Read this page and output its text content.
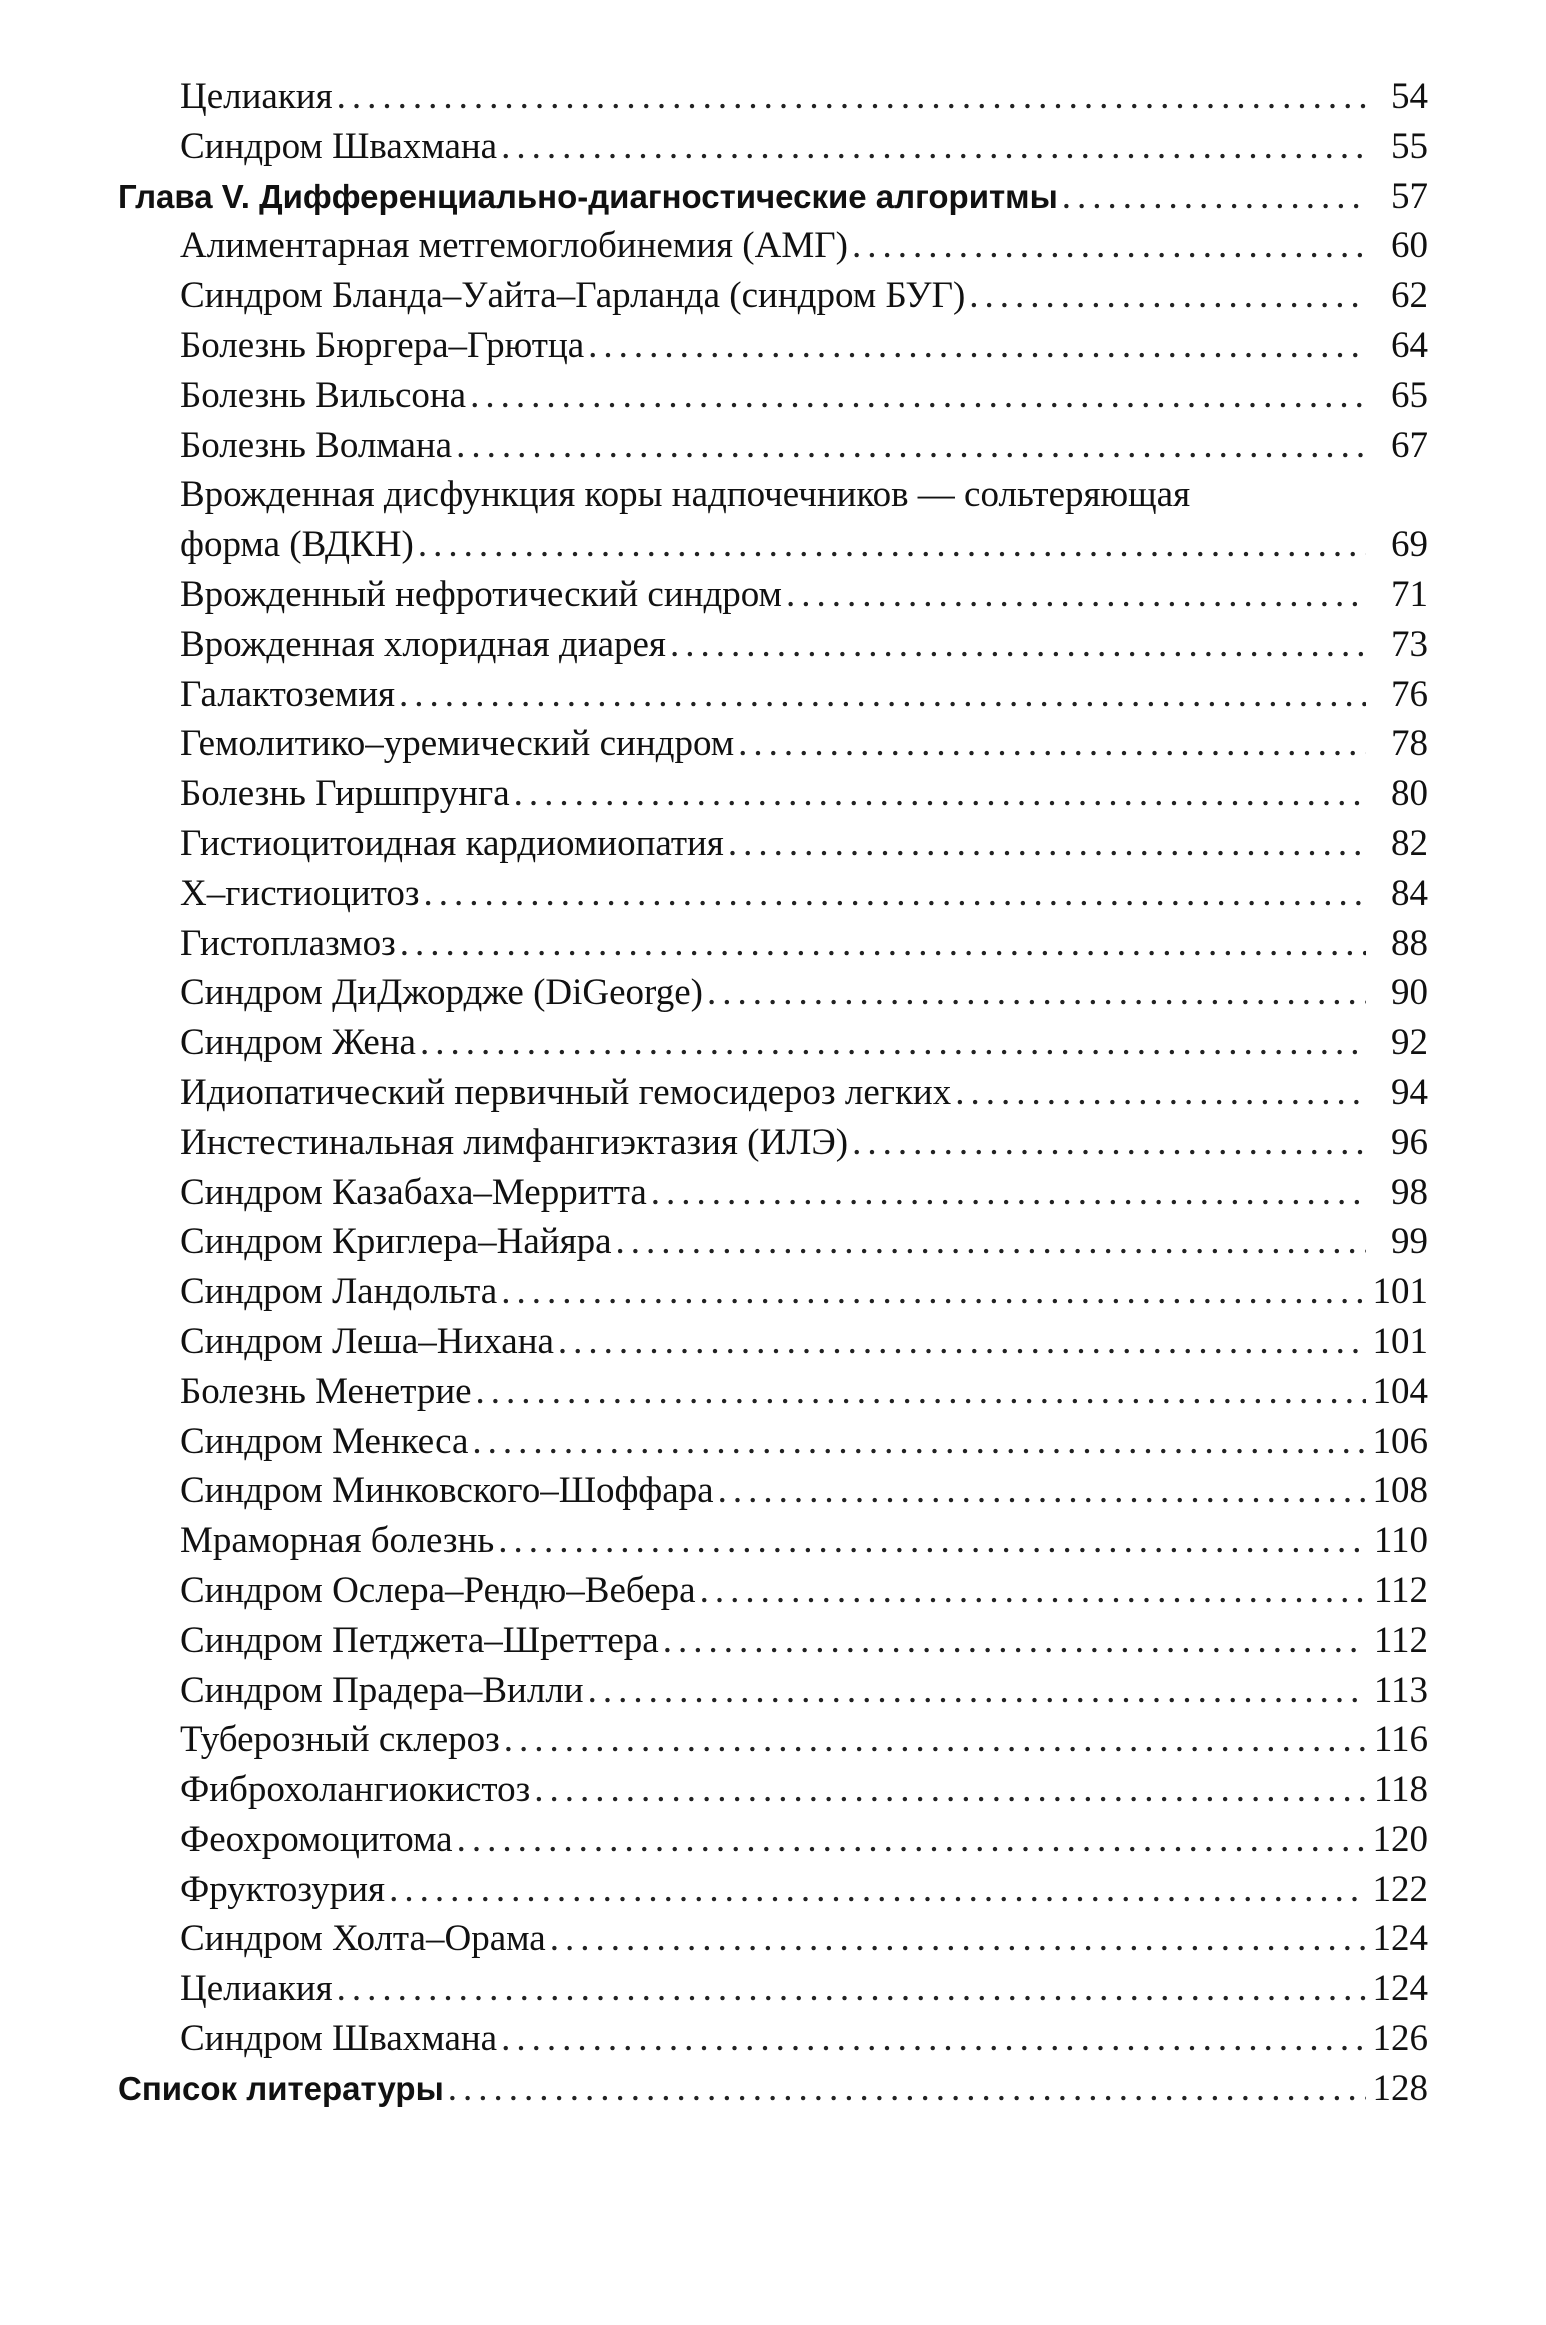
Целиакия .....	54
Синдром Швахмана .....	55
Глава V. Дифференциально-диагностические алгоритмы .....	57
Алиментарная метгемоглобинемия (АМГ) .....	60
Синдром Бланда–Уайта–Гарланда (синдром БУГ) .....	62
Болезнь Бюргера–Грютца .....	64
Болезнь Вильсона .....	65
Болезнь Волмана .....	67
Врожденная дисфункция коры надпочечников — сольтеряющая
форма (ВДКН) .....	69
Врожденный нефротический синдром .....	71
Врожденная хлоридная диарея .....	73
Галактоземия .....	76
Гемолитико–уремический синдром .....	78
Болезнь Гиршпрунга .....	80
Гистиоцитоидная кардиомиопатия .....	82
X–гистиоцитоз .....	84
Гистоплазмоз .....	88
Синдром ДиДжордже (DiGeorge) .....	90
Синдром Жена .....	92
Идиопатический первичный гемосидероз легких .....	94
Инстестинальная лимфангиэктазия (ИЛЭ) .....	96
Синдром Казабаха–Мерритта .....	98
Синдром Криглера–Найяра .....	99
Синдром Ландольта .....	101
Синдром Леша–Нихана .....	101
Болезнь Менетрие .....	104
Синдром Менкеса .....	106
Синдром Минковского–Шоффара .....	108
Мраморная болезнь .....	110
Синдром Ослера–Рендю–Вебера .....	112
Синдром Петджета–Шреттера .....	112
Синдром Прадера–Вилли .....	113
Туберозный склероз .....	116
Фиброхолангиокистоз .....	118
Феохромоцитома .....	120
Фруктозурия .....	122
Синдром Холта–Орама .....	124
Целиакия .....	124
Синдром Швахмана .....	126
Список литературы .....	128
